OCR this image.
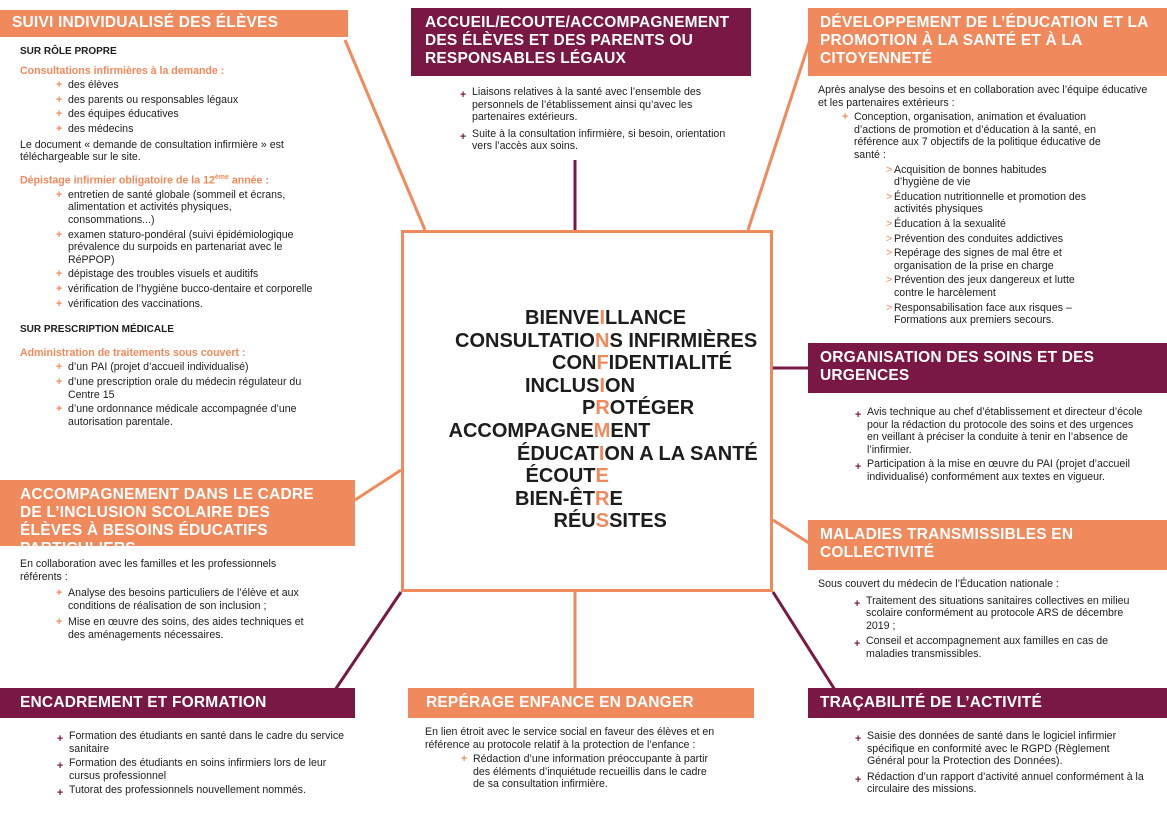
SUIVI INDIVIDUALISÉ DES ÉLÈVES
SUR RÔLE PROPRE
Consultations infirmières à la demande :
+ des élèves
+ des parents ou responsables légaux
+ des équipes éducatives
+ des médecins
Le document « demande de consultation infirmière » est téléchargeable sur le site.
Dépistage infirmier obligatoire de la 12ème année :
+ entretien de santé globale (sommeil et écrans, alimentation et activités physiques, consommations...)
+ examen staturo-pondéral (suivi épidémiologique prévalence du surpoids en partenariat avec le RéPPOP)
+ dépistage des troubles visuels et auditifs
+ vérification de l’hygiène bucco-dentaire et corporelle
+ vérification des vaccinations.
SUR PRESCRIPTION MÉDICALE
Administration de traitements sous couvert :
+ d’un PAI (projet d’accueil individualisé)
+ d’une prescription orale du médecin régulateur du Centre 15
+ d’une ordonnance médicale accompagnée d’une autorisation parentale.
ACCUEIL/ECOUTE/ACCOMPAGNEMENT DES ÉLÈVES ET DES PARENTS OU RESPONSABLES LÉGAUX
+ Liaisons relatives à la santé avec l’ensemble des personnels de l’établissement ainsi qu’avec les partenaires extérieurs.
+ Suite à la consultation infirmière, si besoin, orientation vers l’accès aux soins.
DÉVELOPPEMENT DE L’ÉDUCATION ET LA PROMOTION À LA SANTÉ ET À LA CITOYENNETÉ
Après analyse des besoins et en collaboration avec l’équipe éducative et les partenaires extérieurs :
+ Conception, organisation, animation et évaluation d’actions de promotion et d’éducation à la santé, en référence aux 7 objectifs de la politique éducative de santé :
> Acquisition de bonnes habitudes d’hygiène de vie
> Éducation nutritionnelle et promotion des activités physiques
> Éducation à la sexualité
> Prévention des conduites addictives
> Repérage des signes de mal être et organisation de la prise en charge
> Prévention des jeux dangereux et lutte contre le harcèlement
> Responsabilisation face aux risques – Formations aux premiers secours.
BIENVEILLANCE
CONSULTATIONS INFIRMIÈRES
CONFIDENTIALITÉ
INCLUSION
PROTÉGER
ACCOMPAGNEMENT
ÉDUCATION A LA SANTÉ
ÉCOUTE
BIEN-ÊTRE
RÉUSSITES
ORGANISATION DES SOINS ET DES URGENCES
+ Avis technique au chef d’établissement et directeur d’école pour la rédaction du protocole des soins et des urgences en veillant à préciser la conduite à tenir en l’absence de l’infirmier.
+ Participation à la mise en œuvre du PAI (projet d’accueil individualisé) conformément aux textes en vigueur.
MALADIES TRANSMISSIBLES EN COLLECTIVITÉ
Sous couvert du médecin de l’Éducation nationale :
+ Traitement des situations sanitaires collectives en milieu scolaire conformément au protocole ARS de décembre 2019 ;
+ Conseil et accompagnement aux familles en cas de maladies transmissibles.
ACCOMPAGNEMENT DANS LE CADRE DE L’INCLUSION SCOLAIRE DES ÉLÈVES À BESOINS ÉDUCATIFS PARTICULIERS
En collaboration avec les familles et les professionnels référents :
+ Analyse des besoins particuliers de l’élève et aux conditions de réalisation de son inclusion ;
+ Mise en œuvre des soins, des aides techniques et des aménagements nécessaires.
ENCADREMENT ET FORMATION
+ Formation des étudiants en santé dans le cadre du service sanitaire
+ Formation des étudiants en soins infirmiers lors de leur cursus professionnel
+ Tutorat des professionnels nouvellement nommés.
REPÉRAGE ENFANCE EN DANGER
En lien étroit avec le service social en faveur des élèves et en référence au protocole relatif à la protection de l’enfance :
+ Rédaction d’une information préoccupante à partir des éléments d’inquiétude recueillis dans le cadre de sa consultation infirmière.
TRAÇABILITÉ DE L’ACTIVITÉ
+ Saisie des données de santé dans le logiciel infirmier spécifique en conformité avec le RGPD (Règlement Général pour la Protection des Données).
+ Rédaction d’un rapport d’activité annuel conformément à la circulaire des missions.
